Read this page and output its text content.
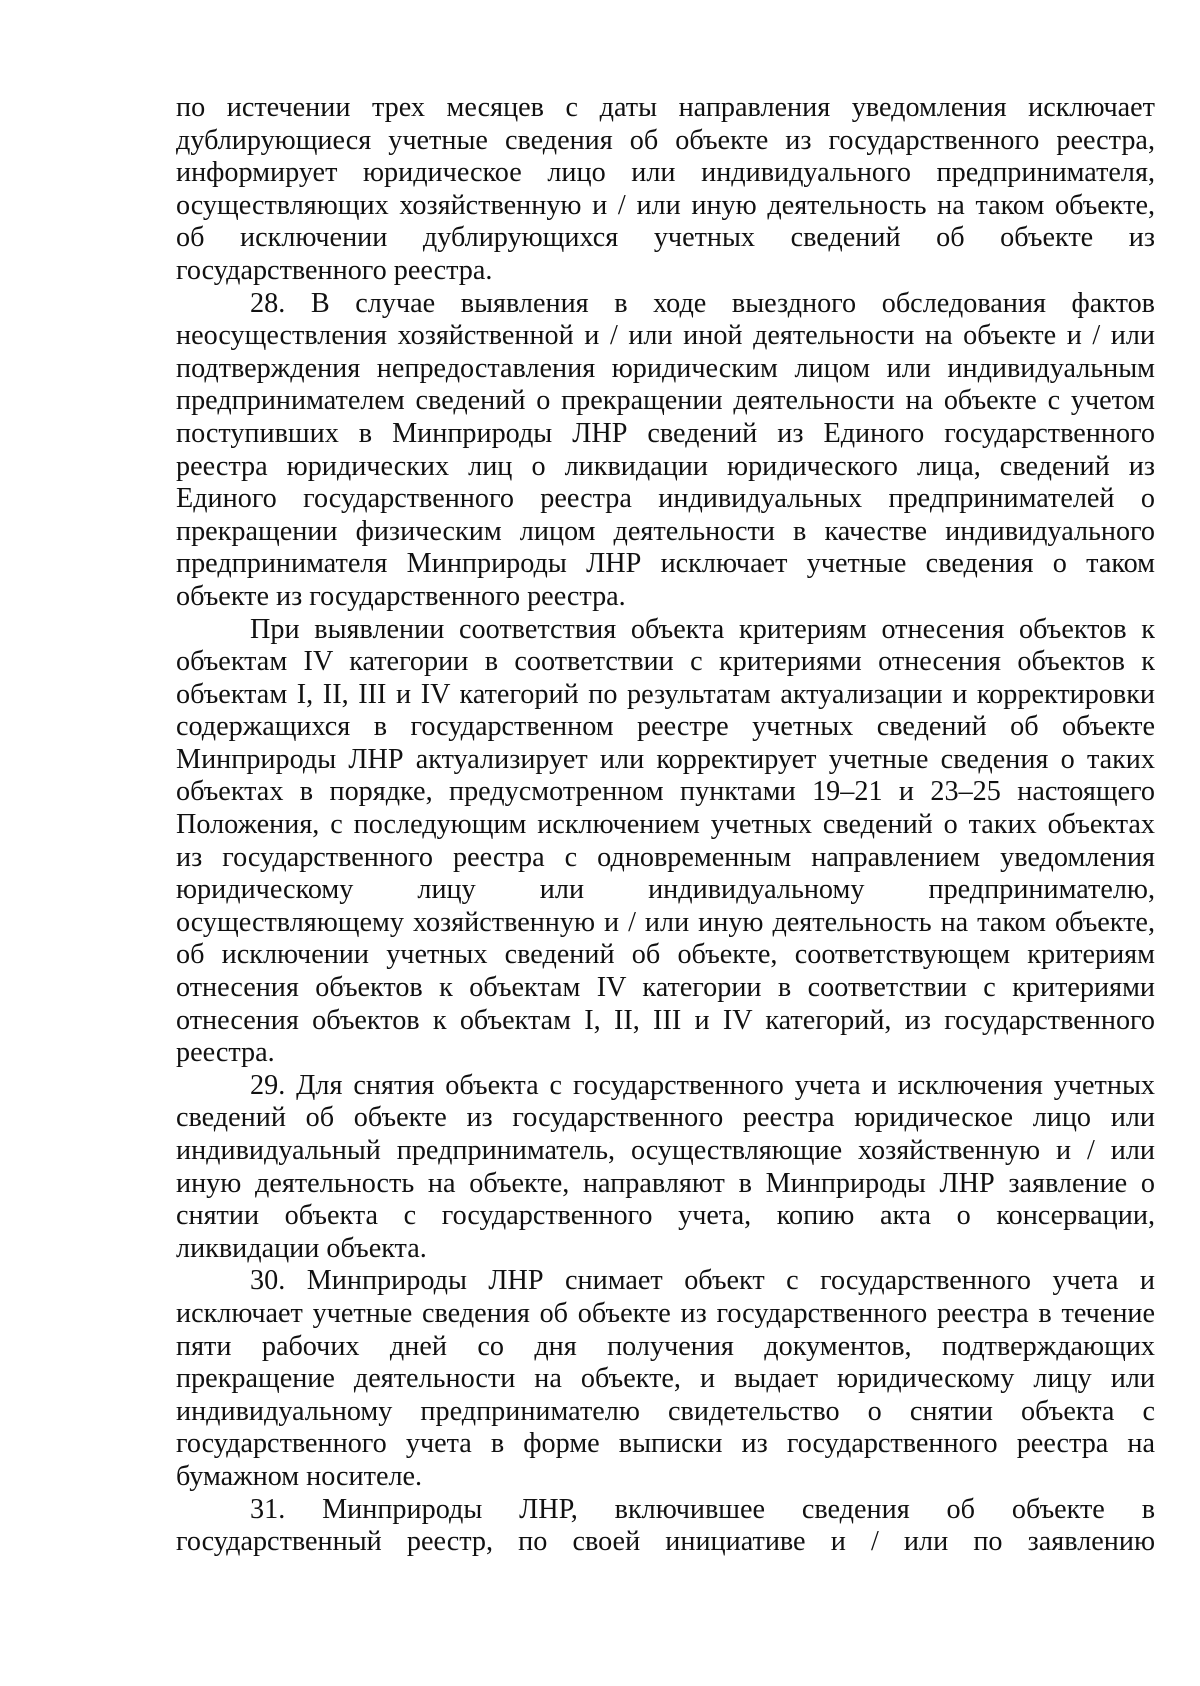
по истечении трех месяцев с даты направления уведомления исключает дублирующиеся учетные сведения об объекте из государственного реестра, информирует юридическое лицо или индивидуального предпринимателя, осуществляющих хозяйственную и / или иную деятельность на таком объекте, об исключении дублирующихся учетных сведений об объекте из государственного реестра.

28. В случае выявления в ходе выездного обследования фактов неосуществления хозяйственной и / или иной деятельности на объекте и / или подтверждения непредоставления юридическим лицом или индивидуальным предпринимателем сведений о прекращении деятельности на объекте с учетом поступивших в Минприроды ЛНР сведений из Единого государственного реестра юридических лиц о ликвидации юридического лица, сведений из Единого государственного реестра индивидуальных предпринимателей о прекращении физическим лицом деятельности в качестве индивидуального предпринимателя Минприроды ЛНР исключает учетные сведения о таком объекте из государственного реестра.

При выявлении соответствия объекта критериям отнесения объектов к объектам IV категории в соответствии с критериями отнесения объектов к объектам I, II, III и IV категорий по результатам актуализации и корректировки содержащихся в государственном реестре учетных сведений об объекте Минприроды ЛНР актуализирует или корректирует учетные сведения о таких объектах в порядке, предусмотренном пунктами 19–21 и 23–25 настоящего Положения, с последующим исключением учетных сведений о таких объектах из государственного реестра с одновременным направлением уведомления юридическому лицу или индивидуальному предпринимателю, осуществляющему хозяйственную и / или иную деятельность на таком объекте, об исключении учетных сведений об объекте, соответствующем критериям отнесения объектов к объектам IV категории в соответствии с критериями отнесения объектов к объектам I, II, III и IV категорий, из государственного реестра.

29. Для снятия объекта с государственного учета и исключения учетных сведений об объекте из государственного реестра юридическое лицо или индивидуальный предприниматель, осуществляющие хозяйственную и / или иную деятельность на объекте, направляют в Минприроды ЛНР заявление о снятии объекта с государственного учета, копию акта о консервации, ликвидации объекта.

30. Минприроды ЛНР снимает объект с государственного учета и исключает учетные сведения об объекте из государственного реестра в течение пяти рабочих дней со дня получения документов, подтверждающих прекращение деятельности на объекте, и выдает юридическому лицу или индивидуальному предпринимателю свидетельство о снятии объекта с государственного учета в форме выписки из государственного реестра на бумажном носителе.

31. Минприроды ЛНР, включившее сведения об объекте в государственный реестр, по своей инициативе и / или по заявлению
